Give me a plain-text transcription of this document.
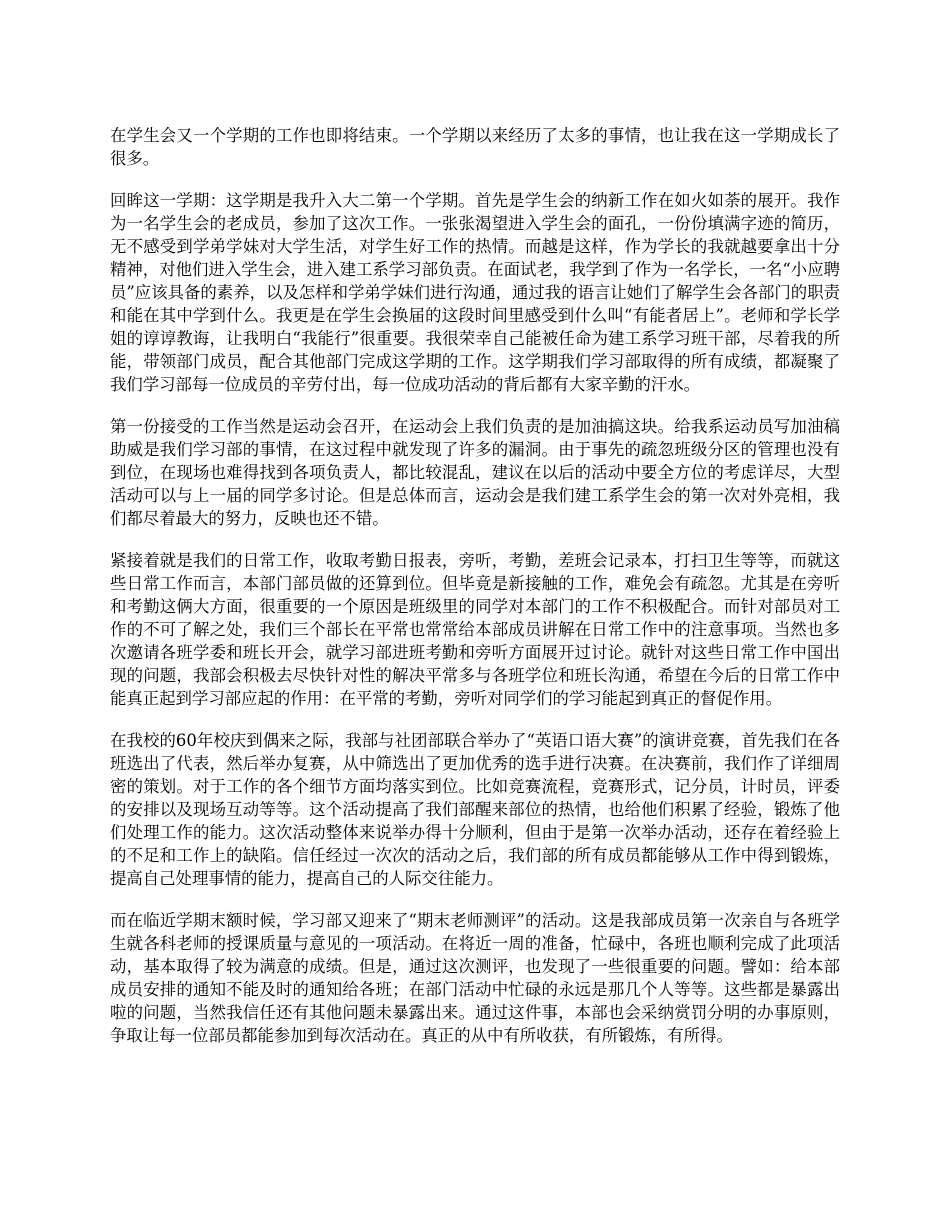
在学生会又一个学期的工作也即将结束。一个学期以来经历了太多的事情，也让我在这一学期成长了很多。

回眸这一学期：这学期是我升入大二第一个学期。首先是学生会的纳新工作在如火如荼的展开。我作为一名学生会的老成员，参加了这次工作。一张张渴望进入学生会的面孔，一份份填满字迹的简历，无不感受到学弟学妹对大学生活，对学生好工作的热情。而越是这样，作为学长的我就越要拿出十分精神，对他们进入学生会，进入建工系学习部负责。在面试老，我学到了作为一名学长，一名“小应聘员”应该具备的素养，以及怎样和学弟学妹们进行沟通，通过我的语言让她们了解学生会各部门的职责和能在其中学到什么。我更是在学生会换届的这段时间里感受到什么叫“有能者居上”。老师和学长学姐的谆谆教诲，让我明白“我能行”很重要。我很荣幸自己能被任命为建工系学习班干部，尽着我的所能，带领部门成员，配合其他部门完成这学期的工作。这学期我们学习部取得的所有成绩，都凝聚了我们学习部每一位成员的辛劳付出，每一位成功活动的背后都有大家辛勤的汗水。

第一份接受的工作当然是运动会召开，在运动会上我们负责的是加油搞这块。给我系运动员写加油稿助威是我们学习部的事情，在这过程中就发现了许多的漏洞。由于事先的疏忽班级分区的管理也没有到位，在现场也难得找到各项负责人，都比较混乱，建议在以后的活动中要全方位的考虑详尽，大型活动可以与上一届的同学多讨论。但是总体而言，运动会是我们建工系学生会的第一次对外亮相，我们都尽着最大的努力，反映也还不错。

紧接着就是我们的日常工作，收取考勤日报表，旁听，考勤，差班会记录本，打扫卫生等等，而就这些日常工作而言，本部门部员做的还算到位。但毕竟是新接触的工作，难免会有疏忽。尤其是在旁听和考勤这俩大方面，很重要的一个原因是班级里的同学对本部门的工作不积极配合。而针对部员对工作的不可了解之处，我们三个部长在平常也常常给本部成员讲解在日常工作中的注意事项。当然也多次邀请各班学委和班长开会，就学习部进班考勤和旁听方面展开过讨论。就针对这些日常工作中国出现的问题，我部会积极去尽快针对性的解决平常多与各班学位和班长沟通，希望在今后的日常工作中能真正起到学习部应起的作用：在平常的考勤，旁听对同学们的学习能起到真正的督促作用。

在我校的60年校庆到偶来之际，我部与社团部联合举办了“英语口语大赛”的演讲竞赛，首先我们在各班选出了代表，然后举办复赛，从中筛选出了更加优秀的选手进行决赛。在决赛前，我们作了详细周密的策划。对于工作的各个细节方面均落实到位。比如竞赛流程，竞赛形式，记分员，计时员，评委的安排以及现场互动等等。这个活动提高了我们部醒来部位的热情，也给他们积累了经验，锻炼了他们处理工作的能力。这次活动整体来说举办得十分顺利，但由于是第一次举办活动，还存在着经验上的不足和工作上的缺陷。信任经过一次次的活动之后，我们部的所有成员都能够从工作中得到锻炼，提高自己处理事情的能力，提高自己的人际交往能力。

而在临近学期末额时候，学习部又迎来了“期末老师测评”的活动。这是我部成员第一次亲自与各班学生就各科老师的授课质量与意见的一项活动。在将近一周的准备，忙碌中，各班也顺利完成了此项活动，基本取得了较为满意的成绩。但是，通过这次测评，也发现了一些很重要的问题。譬如：给本部成员安排的通知不能及时的通知给各班；在部门活动中忙碌的永远是那几个人等等。这些都是暴露出啦的问题，当然我信任还有其他问题未暴露出来。通过这件事，本部也会采纳赏罚分明的办事原则，争取让每一位部员都能参加到每次活动在。真正的从中有所收获，有所锻炼，有所得。
